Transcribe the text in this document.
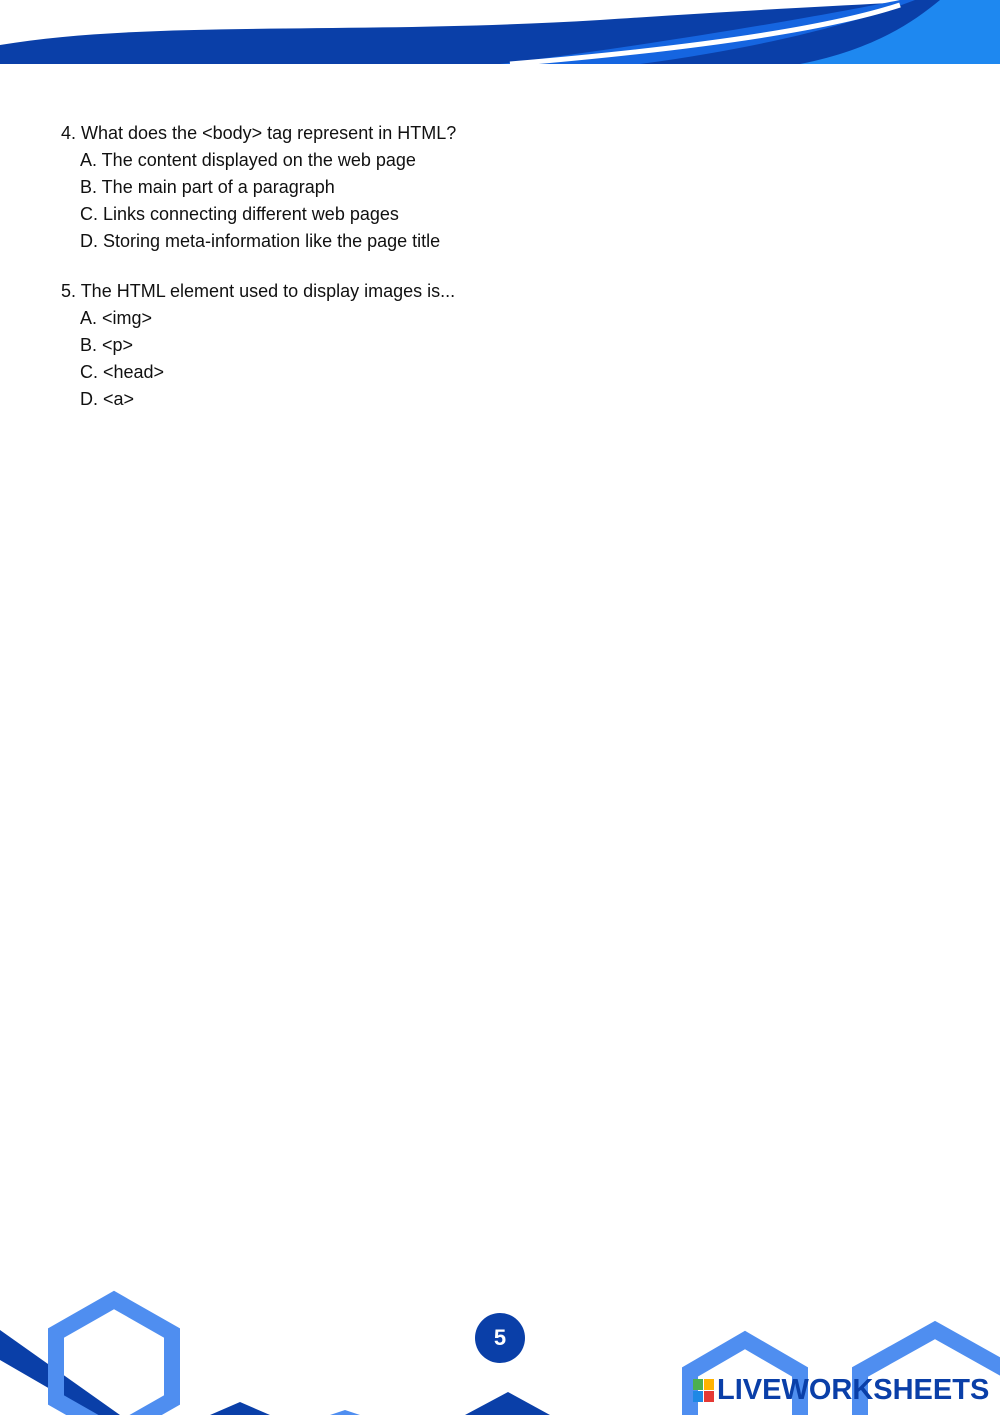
4. What does the <body> tag represent in HTML?
A. The content displayed on the web page
B. The main part of a paragraph
C. Links connecting different web pages
D. Storing meta-information like the page title
5. The HTML element used to display images is...
A. <img>
B. <p>
C. <head>
D. <a>
5
LIVEWORKSHEETS
